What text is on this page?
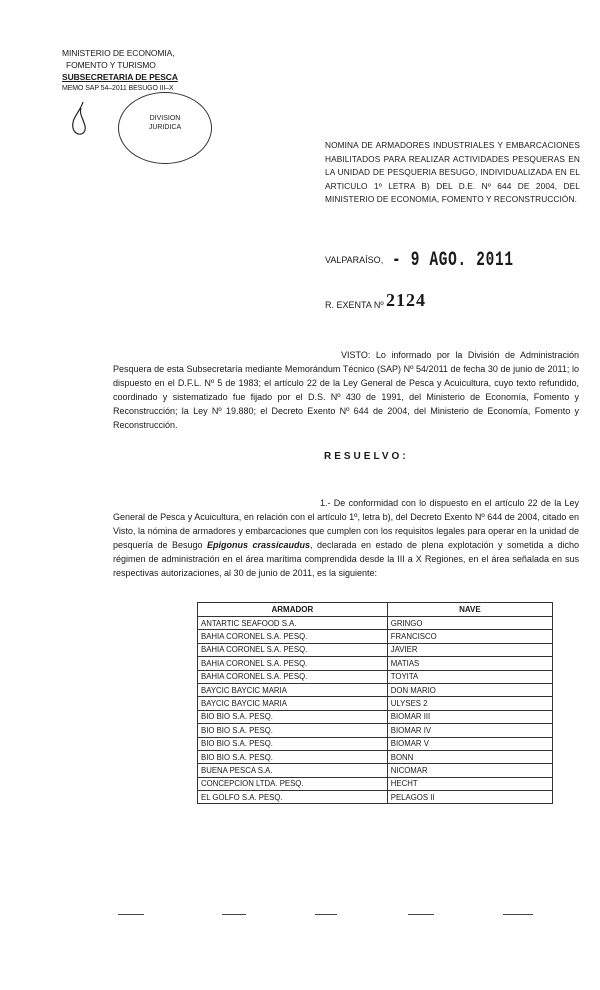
MINISTERIO DE ECONOMIA,
FOMENTO Y TURISMO
SUBSECRETARIA DE PESCA
MEMO SAP 54–2011 BESUGO III–X
DIVISION
JURIDICA
NOMINA DE ARMADORES INDUSTRIALES Y EMBARCACIONES HABILITADOS PARA REALIZAR ACTIVIDADES PESQUERAS EN LA UNIDAD DE PESQUERIA BESUGO, INDIVIDUALIZADA EN EL ARTICULO 1º LETRA B) DEL D.E. Nº 644 DE 2004, DEL MINISTERIO DE ECONOMIA, FOMENTO Y RECONSTRUCCIÓN.
VALPARAÍSO, - 9 AGO. 2011
R. EXENTA Nº 2124
VISTO: Lo informado por la División de Administración Pesquera de esta Subsecretaría mediante Memorándum Técnico (SAP) Nº 54/2011 de fecha 30 de junio de 2011; lo dispuesto en el D.F.L. Nº 5 de 1983; el artículo 22 de la Ley General de Pesca y Acuicultura, cuyo texto refundido, coordinado y sistematizado fue fijado por el D.S. Nº 430 de 1991, del Ministerio de Economía, Fomento y Reconstrucción; la Ley Nº 19.880; el Decreto Exento Nº 644 de 2004, del Ministerio de Economía, Fomento y Reconstrucción.
RESUELVO:
1.- De conformidad con lo dispuesto en el artículo 22 de la Ley General de Pesca y Acuicultura, en relación con el artículo 1º, letra b), del Decreto Exento Nº 644 de 2004, citado en Visto, la nómina de armadores y embarcaciones que cumplen con los requisitos legales para operar en la unidad de pesquería de Besugo Epigonus crassicaudus, declarada en estado de plena explotación y sometida a dicho régimen de administración en el área marítima comprendida desde la III a X Regiones, en el área señalada en sus respectivas autorizaciones, al 30 de junio de 2011, es la siguiente:
ARMADOR	NAVE
ANTARTIC SEAFOOD S.A.	GRINGO
BAHIA CORONEL S.A. PESQ.	FRANCISCO
BAHIA CORONEL S.A. PESQ.	JAVIER
BAHIA CORONEL S.A. PESQ.	MATIAS
BAHIA CORONEL S.A. PESQ.	TOYITA
BAYCIC BAYCIC MARIA	DON MARIO
BAYCIC BAYCIC MARIA	ULYSES 2
BIO BIO S.A. PESQ.	BIOMAR III
BIO BIO S.A. PESQ.	BIOMAR IV
BIO BIO S.A. PESQ.	BIOMAR V
BIO BIO S.A. PESQ.	BONN
BUENA PESCA S.A.	NICOMAR
CONCEPCION LTDA. PESQ.	HECHT
EL GOLFO S.A. PESQ.	PELAGOS II
